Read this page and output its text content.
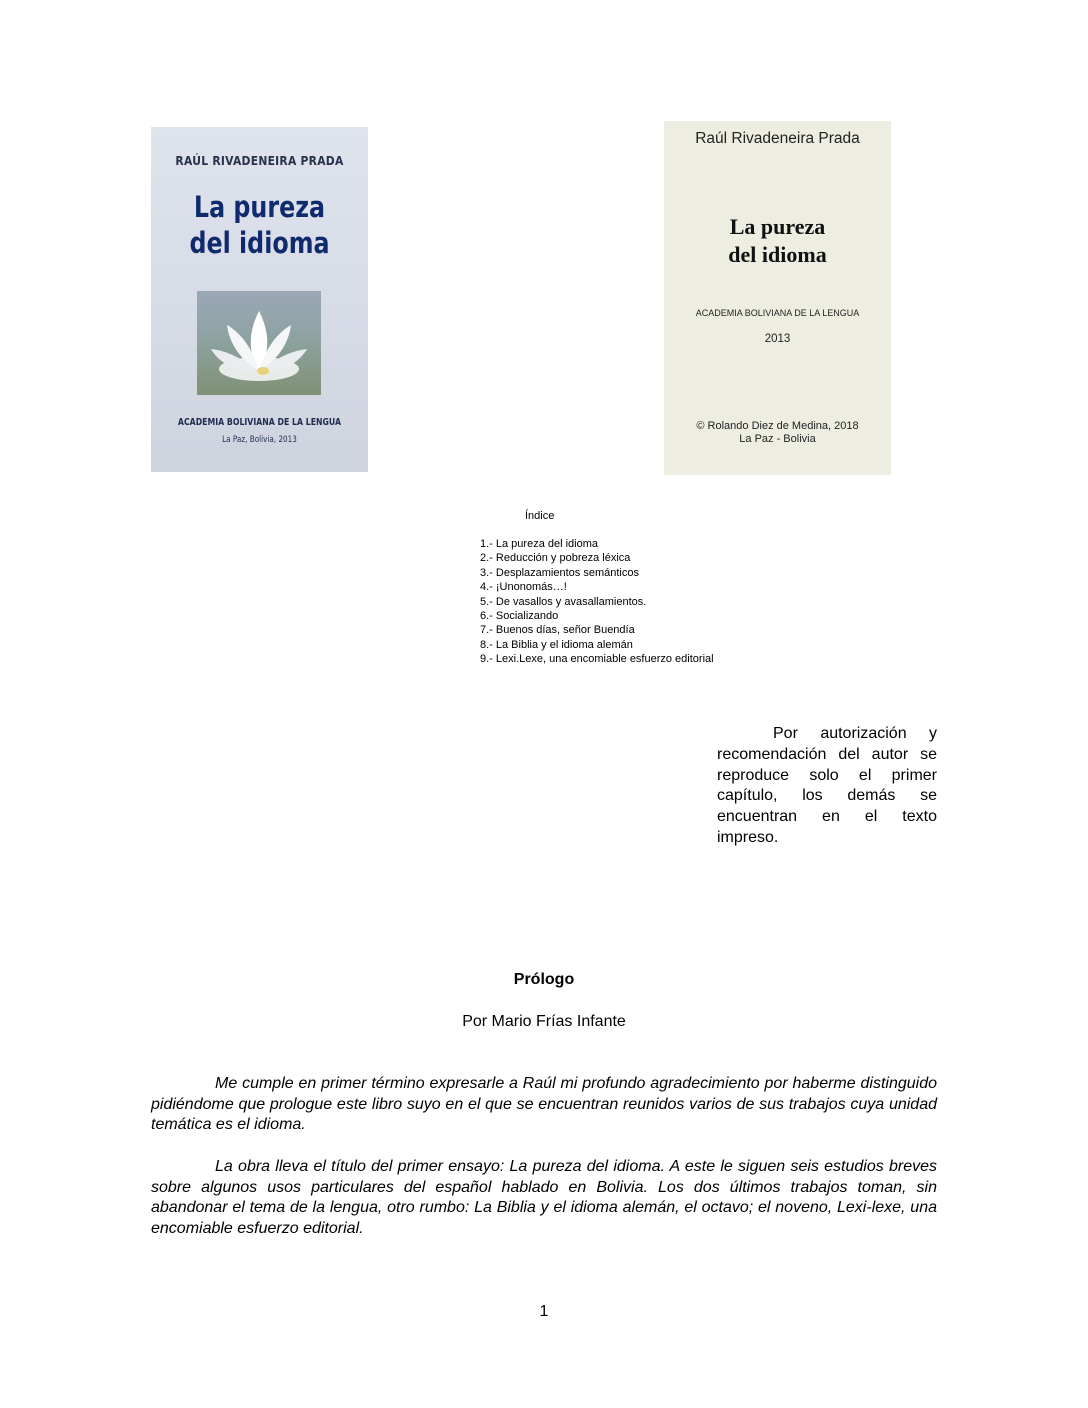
RAÚL RIVADENEIRA PRADA
La pureza
del idioma
ACADEMIA BOLIVIANA DE LA LENGUA
La Paz, Bolivia, 2013
Raúl Rivadeneira Prada
La pureza
del idioma
ACADEMIA BOLIVIANA DE LA LENGUA
2013
© Rolando Diez de Medina, 2018
La Paz - Bolivia
Índice
1.- La pureza del idioma
2.- Reducción y pobreza léxica
3.- Desplazamientos semánticos
4.- ¡Unonomás…!
5.- De vasallos y avasallamientos.
6.- Socializando
7.- Buenos días, señor Buendía
8.- La Biblia y el idioma alemán
9.- Lexi.Lexe, una encomiable esfuerzo editorial
Por autorización y recomendación del autor se reproduce solo el primer capítulo, los demás se encuentran en el texto impreso.
Prólogo
Por Mario Frías Infante
Me cumple en primer término expresarle a Raúl mi profundo agradecimiento por haberme distinguido pidiéndome que prologue este libro suyo en el que se encuentran reunidos varios de sus trabajos cuya unidad temática es el idioma.
La obra lleva el título del primer ensayo: La pureza del idioma. A este le siguen seis estudios breves sobre algunos usos particulares del español hablado en Bolivia. Los dos últimos trabajos toman, sin abandonar el tema de la lengua, otro rumbo: La Biblia y el idioma alemán, el octavo; el noveno, Lexi-lexe, una encomiable esfuerzo editorial.
1
